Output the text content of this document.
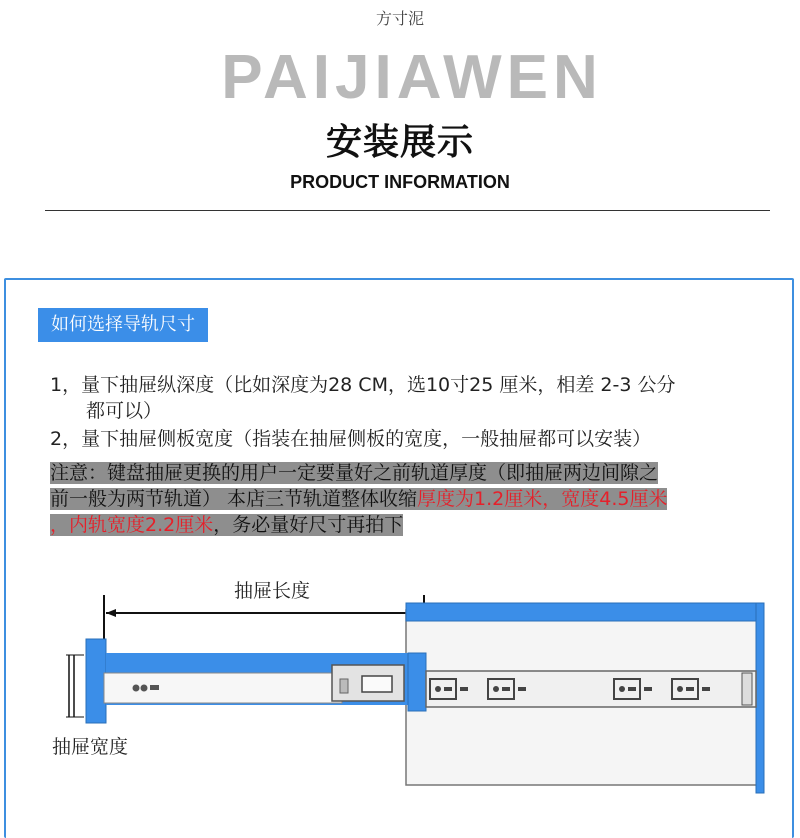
方寸泥
PAIJIAWEN
安装展示
PRODUCT INFORMATION
如何选择导轨尺寸
1，量下抽屉纵深度（比如深度为28 CM，选10寸25 厘米，相差 2-3 公分
都可以）
2，量下抽屉侧板宽度（指装在抽屉侧板的宽度，一般抽屉都可以安装）
注意：键盘抽屉更换的用户一定要量好之前轨道厚度（即抽屉两边间隙之
前一般为两节轨道） 本店三节轨道整体收缩厚度为1.2厘米，宽度4.5厘米
，内轨宽度2.2厘米，务必量好尺寸再拍下
抽屉长度
抽屉宽度
